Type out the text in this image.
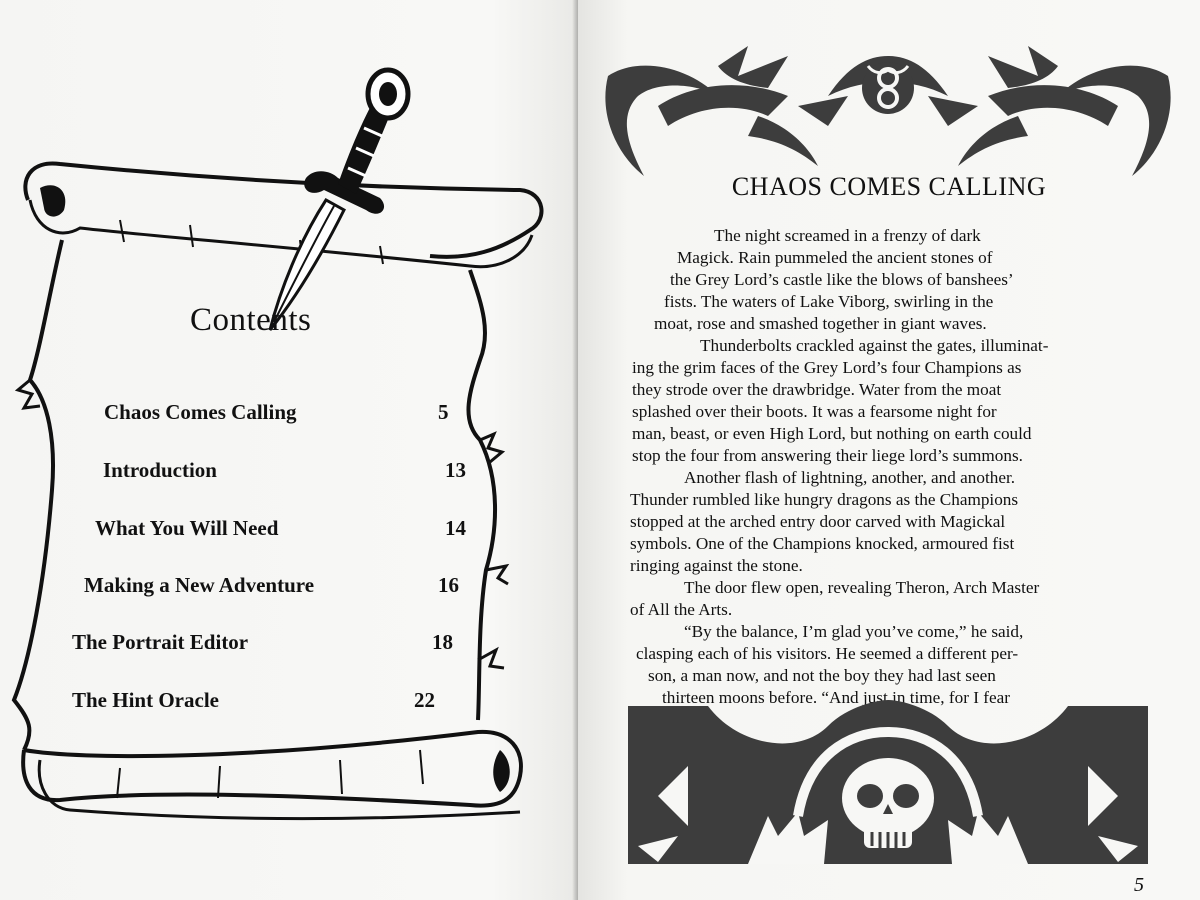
Contents
Chaos Comes Calling	5
Introduction	13
What You Will Need	14
Making a New Adventure	16
The Portrait Editor	18
The Hint Oracle	22
CHAOS COMES CALLING
The night screamed in a frenzy of dark
Magick. Rain pummeled the ancient stones of
the Grey Lord’s castle like the blows of banshees’
fists. The waters of Lake Viborg, swirling in the
moat, rose and smashed together in giant waves.
Thunderbolts crackled against the gates, illuminat-
ing the grim faces of the Grey Lord’s four Champions as
they strode over the drawbridge. Water from the moat
splashed over their boots. It was a fearsome night for
man, beast, or even High Lord, but nothing on earth could
stop the four from answering their liege lord’s summons.
Another flash of lightning, another, and another.
Thunder rumbled like hungry dragons as the Champions
stopped at the arched entry door carved with Magickal
symbols. One of the Champions knocked, armoured fist
ringing against the stone.
The door flew open, revealing Theron, Arch Master
of All the Arts.
“By the balance, I’m glad you’ve come,” he said,
clasping each of his visitors. He seemed a different per-
son, a man now, and not the boy they had last seen
thirteen moons before. “And just in time, for I fear
5
